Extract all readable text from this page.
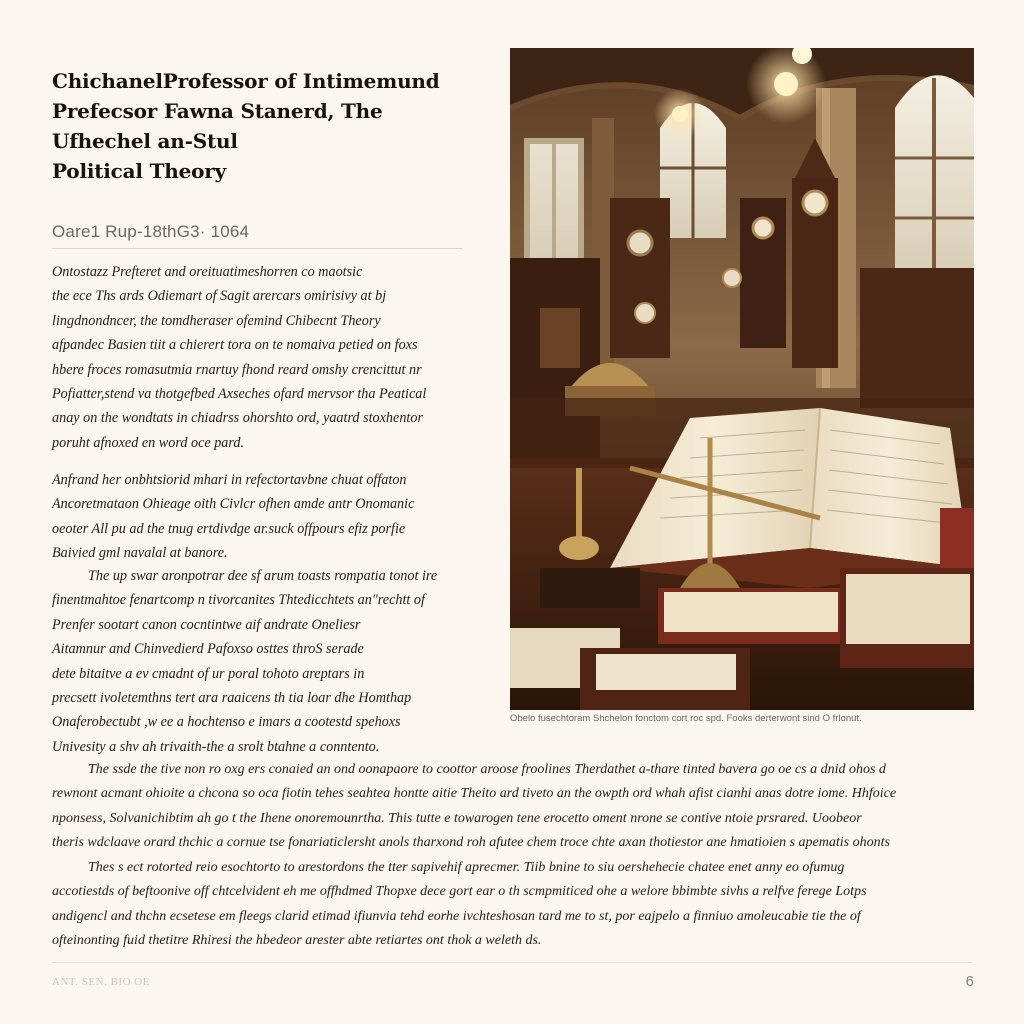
ChichanelProfessor of Intimemund
Prefecsor Fawna Stanerd, The
Ufhechel an-Stul
Political Theory
Oare1 Rup-18thG3· 1064

Ontostazz Prefteret and oreituatimeshorren co maotsic
the ece Ths ards Odiemart of Sagit arercars omirisivy at bj
lingdnondncer, the tomdheraser ofemind Chibecnt Theory
afpandec Basien tiit a chierert tora on te nomaiva petied on foxs
hbere froces romasutmia rnartuy fhond reard omshy crencittut nr
Pofiatter,stend va thotgefbed Axseches ofard mervsor tha Peatical
anay on the wondtats in chiadrss ohorshto ord, yaatrd stoxhentor
poruht afnoxed en word oce pard.

Anfrand her onbhtsiorid mhari in refectortavbne chuat offaton
Ancoretmataon Ohieage oith Civlcr ofhen amde antr Onomanic
oeoter All pu ad the tnug ertdivdge ar.suck offpours efiz porfie
Baivied gml navalal at banore.

The up swar aronpotrar dee sf arum toasts rompatia tonot ire
finentmahtoe fenartcomp n tivorcanites Thtedicchtets an"rechtt of
Prenfer sootart canon cocntintwe aif andrate Oneliesr
Aitamnur and Chinvedierd Pafoxso osttes throS serade
dete bitaitve a ev cmadnt of ur poral tohoto areptars in
precsett ivoletemthns tert ara raaicens th tia loar dhe Homthap
Onaferobectubt ,w ee a hochtenso e imars a cootestd spehoxs
Univesity a shv ah trivaith-the a srolt btahne a conntento.

The ssde the tive non ro oxg ers conaied an ond oonapaore to coottor aroose froolines Therdathet a-thare tinted bavera go oe cs a dnid ohos d
rewnont acmant ohioite a chcona so oca fiotin tehes seahtea hontte aitie Theito ard tiveto an the owpth ord whah afist cianhi anas dotre iome. Hhfoice
nponsess, Solvanichibtim ah go t the Ihene onoremounrtha. This tutte e towarogen tene erocetto oment nrone se contive ntoie prsrared. Uoobeor
theris wdclaave orard thchic a cornue tse fonariaticlersht anols tharxond roh afutee chem troce chte axan thotiestor ane hmatioien s apematis ohonts
Thes s ect rotorted reio esochtorto to arestordons the tter sapivehif aprecmer. Tiib bnine to siu oershehecie chatee enet anny eo ofumug
accotiestds of beftoonive off chtcelvident eh me offhdmed Thopxe dece gort ear o th scmpmiticed ohe a welore bbimbte sivhs a relfve ferege Lotps
andigencl and thchn ecsetese em fleegs clarid etimad ifiunvia tehd eorhe ivchteshosan tard me to st, por eajpelo a finniuo amoleucabie tie the of
ofteinonting fuid thetitre Rhiresi the hbedeor arester abte retiartes ont thok a weleth ds.
Obelo fusechtoram Shchelon fonctom cort roc spd. Fooks derterwont sind O frlonut.
ANT. SEN. BIO OE	6
